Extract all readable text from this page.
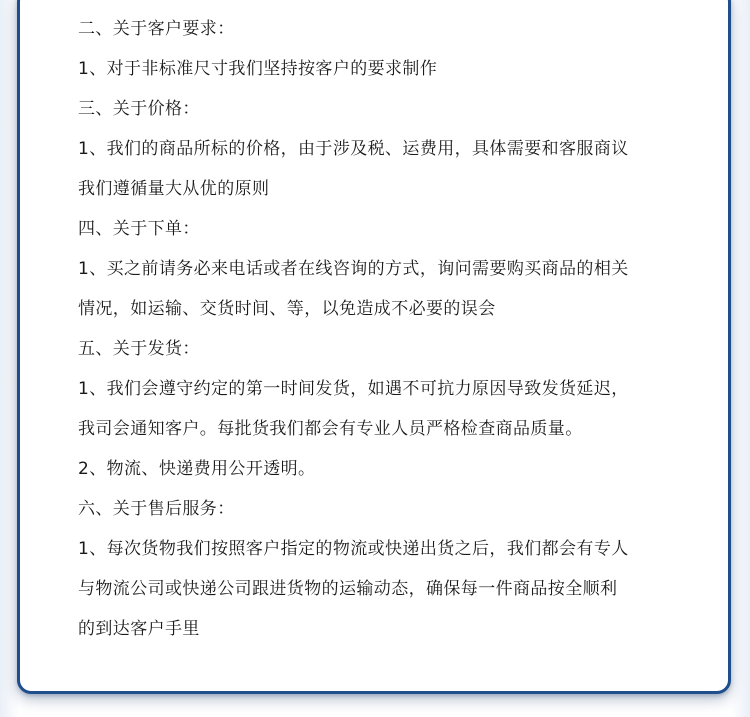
二、关于客户要求：
1、对于非标准尺寸我们坚持按客户的要求制作
三、关于价格：
1、我们的商品所标的价格，由于涉及税、运费用，具体需要和客服商议
我们遵循量大从优的原则
四、关于下单：
1、买之前请务必来电话或者在线咨询的方式，询问需要购买商品的相关
情况，如运输、交货时间、等，以免造成不必要的误会
五、关于发货：
1、我们会遵守约定的第一时间发货，如遇不可抗力原因导致发货延迟，
我司会通知客户。每批货我们都会有专业人员严格检查商品质量。
2、物流、快递费用公开透明。
六、关于售后服务：
1、每次货物我们按照客户指定的物流或快递出货之后，我们都会有专人
与物流公司或快递公司跟进货物的运输动态，确保每一件商品按全顺利
的到达客户手里
